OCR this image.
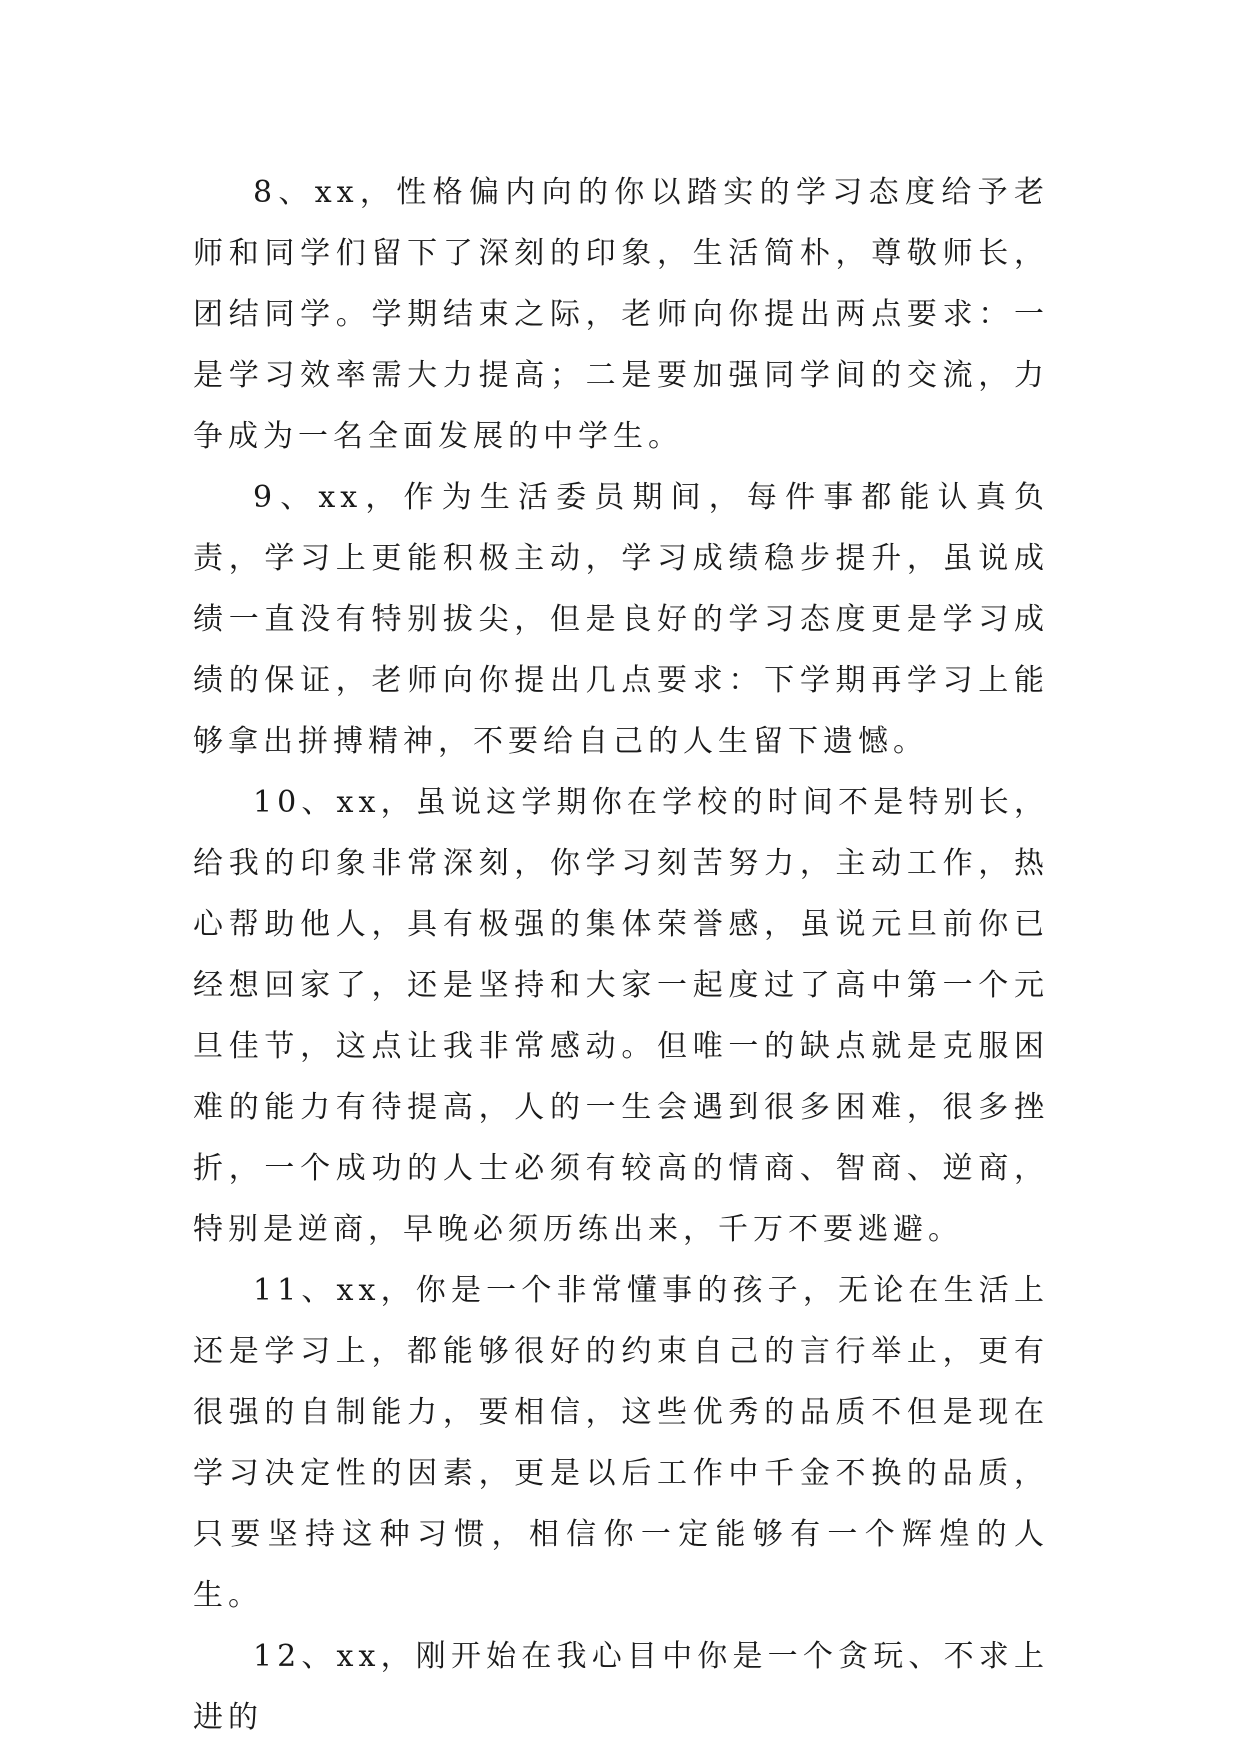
8、xx，性格偏内向的你以踏实的学习态度给予老师和同学们留下了深刻的印象，生活简朴，尊敬师长，团结同学。学期结束之际，老师向你提出两点要求：一是学习效率需大力提高；二是要加强同学间的交流，力争成为一名全面发展的中学生。

9、xx，作为生活委员期间，每件事都能认真负责，学习上更能积极主动，学习成绩稳步提升，虽说成绩一直没有特别拔尖，但是良好的学习态度更是学习成绩的保证，老师向你提出几点要求：下学期再学习上能够拿出拼搏精神，不要给自己的人生留下遗憾。

10、xx，虽说这学期你在学校的时间不是特别长，给我的印象非常深刻，你学习刻苦努力，主动工作，热心帮助他人，具有极强的集体荣誉感，虽说元旦前你已经想回家了，还是坚持和大家一起度过了高中第一个元旦佳节，这点让我非常感动。但唯一的缺点就是克服困难的能力有待提高，人的一生会遇到很多困难，很多挫折，一个成功的人士必须有较高的情商、智商、逆商，特别是逆商，早晚必须历练出来，千万不要逃避。

11、xx，你是一个非常懂事的孩子，无论在生活上还是学习上，都能够很好的约束自己的言行举止，更有很强的自制能力，要相信，这些优秀的品质不但是现在学习决定性的因素，更是以后工作中千金不换的品质，只要坚持这种习惯，相信你一定能够有一个辉煌的人生。

12、xx，刚开始在我心目中你是一个贪玩、不求上进的
